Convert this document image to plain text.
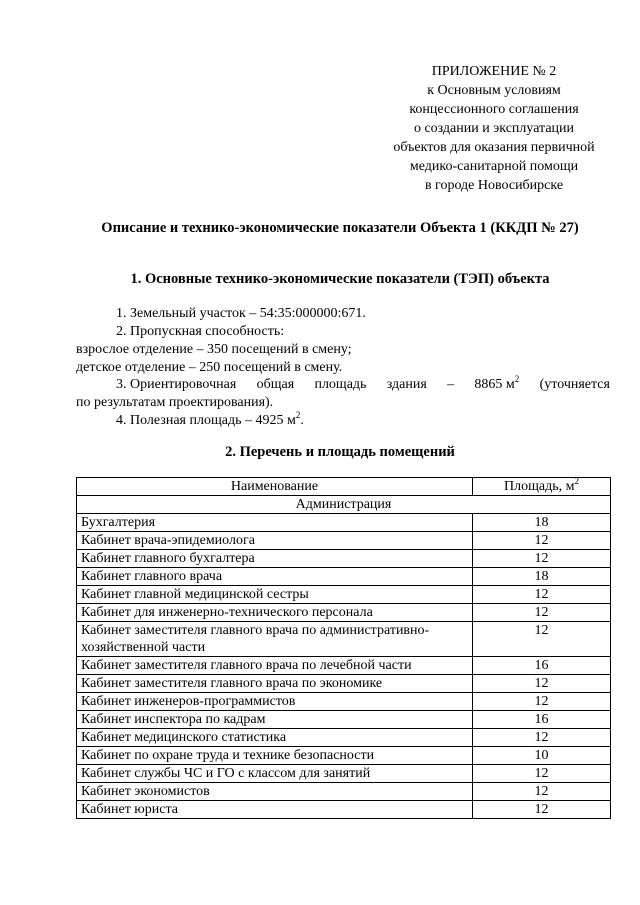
ПРИЛОЖЕНИЕ № 2
к Основным условиям
концессионного соглашения
о создании и эксплуатации
объектов для оказания первичной
медико-санитарной помощи
в городе Новосибирске
Описание и технико-экономические показатели Объекта 1 (ККДП № 27)
1. Основные технико-экономические показатели (ТЭП) объекта
1. Земельный участок – 54:35:000000:671.
2. Пропускная способность:
взрослое отделение – 350 посещений в смену;
детское отделение – 250 посещений в смену.
3. Ориентировочная общая площадь здания – 8865 $м^2$ (уточняется
по результатам проектирования).
4. Полезная площадь – 4925 $м^2$.
2. Перечень и площадь помещений
Наименование	Площадь, $м^2$
Администрация	
Бухгалтерия	18
Кабинет врача-эпидемиолога	12
Кабинет главного бухгалтера	12
Кабинет главного врача	18
Кабинет главной медицинской сестры	12
Кабинет для инженерно-технического персонала	12
Кабинет заместителя главного врача по административно- хозяйственной части	12
Кабинет заместителя главного врача по лечебной части	16
Кабинет заместителя главного врача по экономике	12
Кабинет инженеров-программистов	12
Кабинет инспектора по кадрам	16
Кабинет медицинского статистика	12
Кабинет по охране труда и технике безопасности	10
Кабинет службы ЧС и ГО с классом для занятий	12
Кабинет экономистов	12
Кабинет юриста	12
